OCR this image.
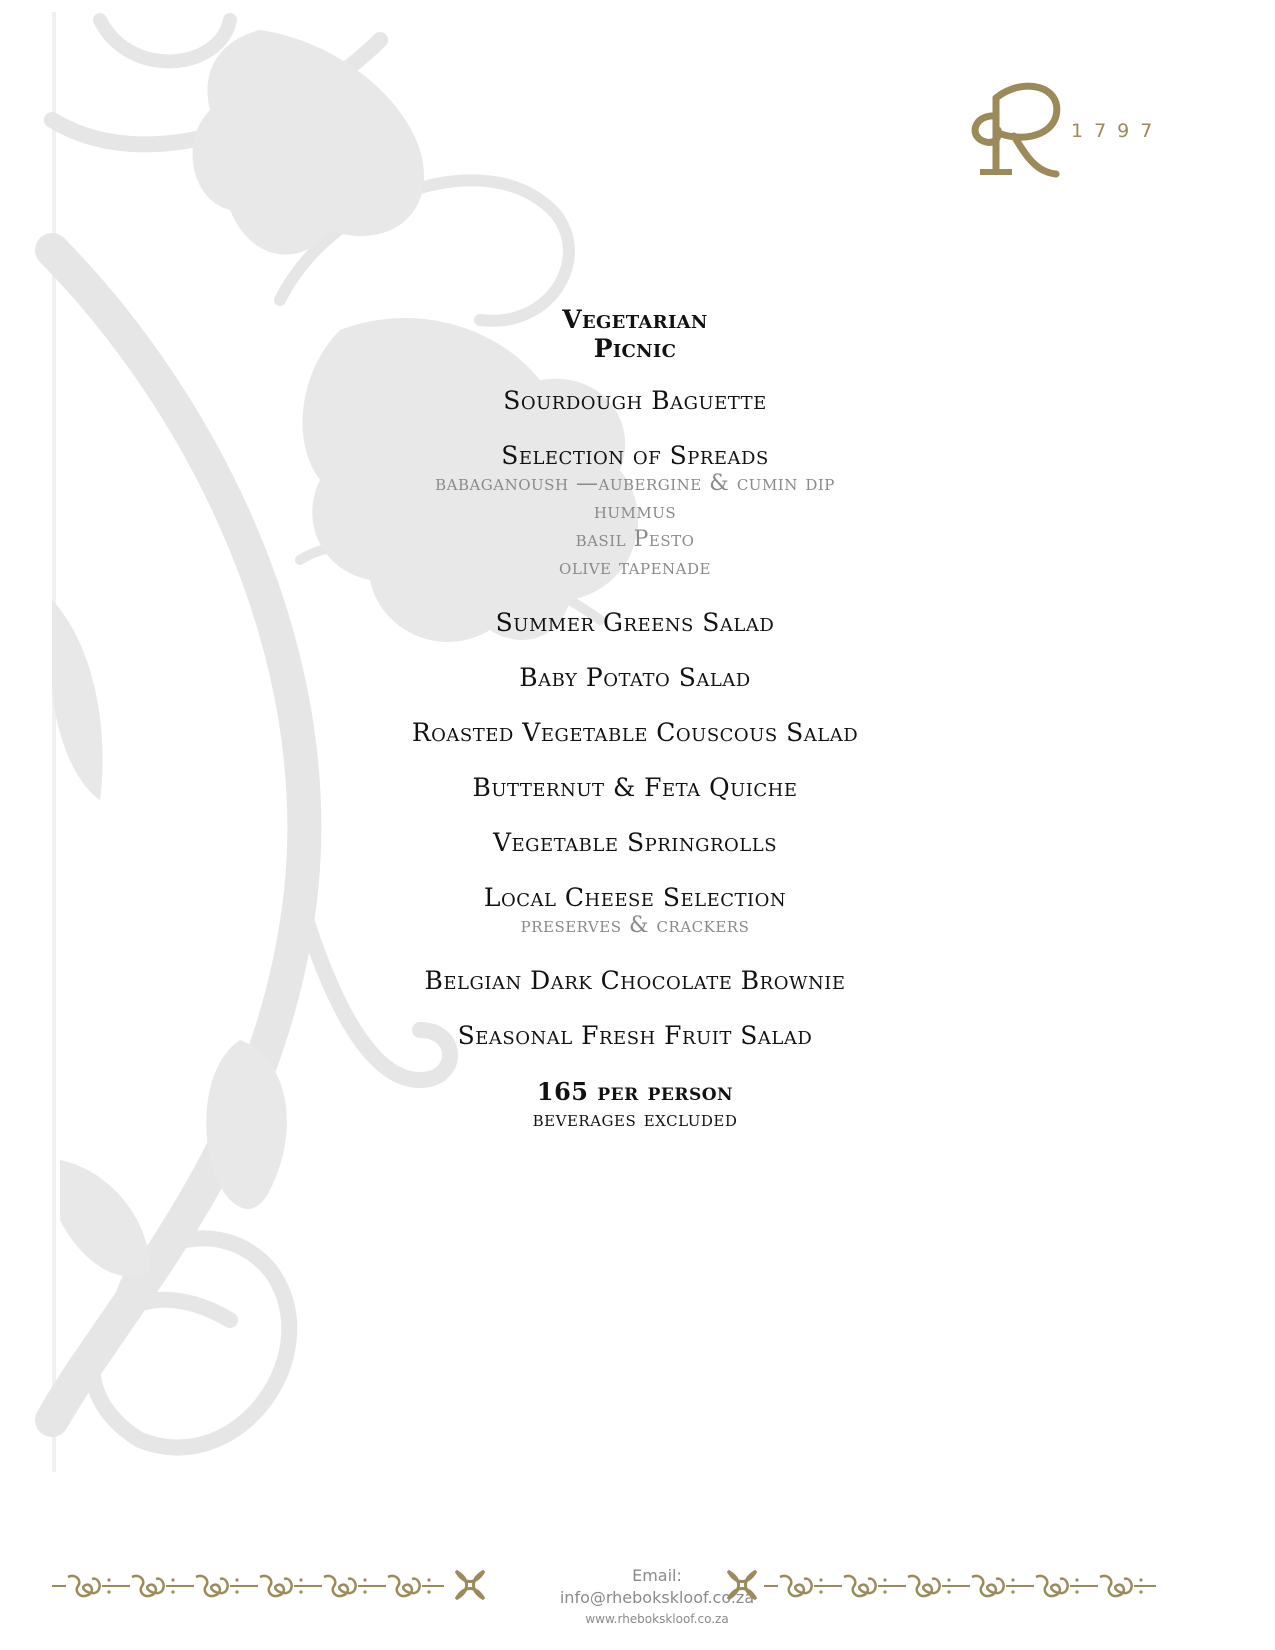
1797
Vegetarian
Picnic
Sourdough Baguette
Selection of Spreads
babaganoush —aubergine & cumin dip
hummus
basil Pesto
olive tapenade
Summer Greens Salad
Baby Potato Salad
Roasted Vegetable Couscous Salad
Butternut & Feta Quiche
Vegetable Springrolls
Local Cheese Selection
preserves & crackers
Belgian Dark Chocolate Brownie
Seasonal Fresh Fruit Salad
165 per person
beverages excluded
Email: info@rhebokskloof.co.za
www.rhebokskloof.co.za
